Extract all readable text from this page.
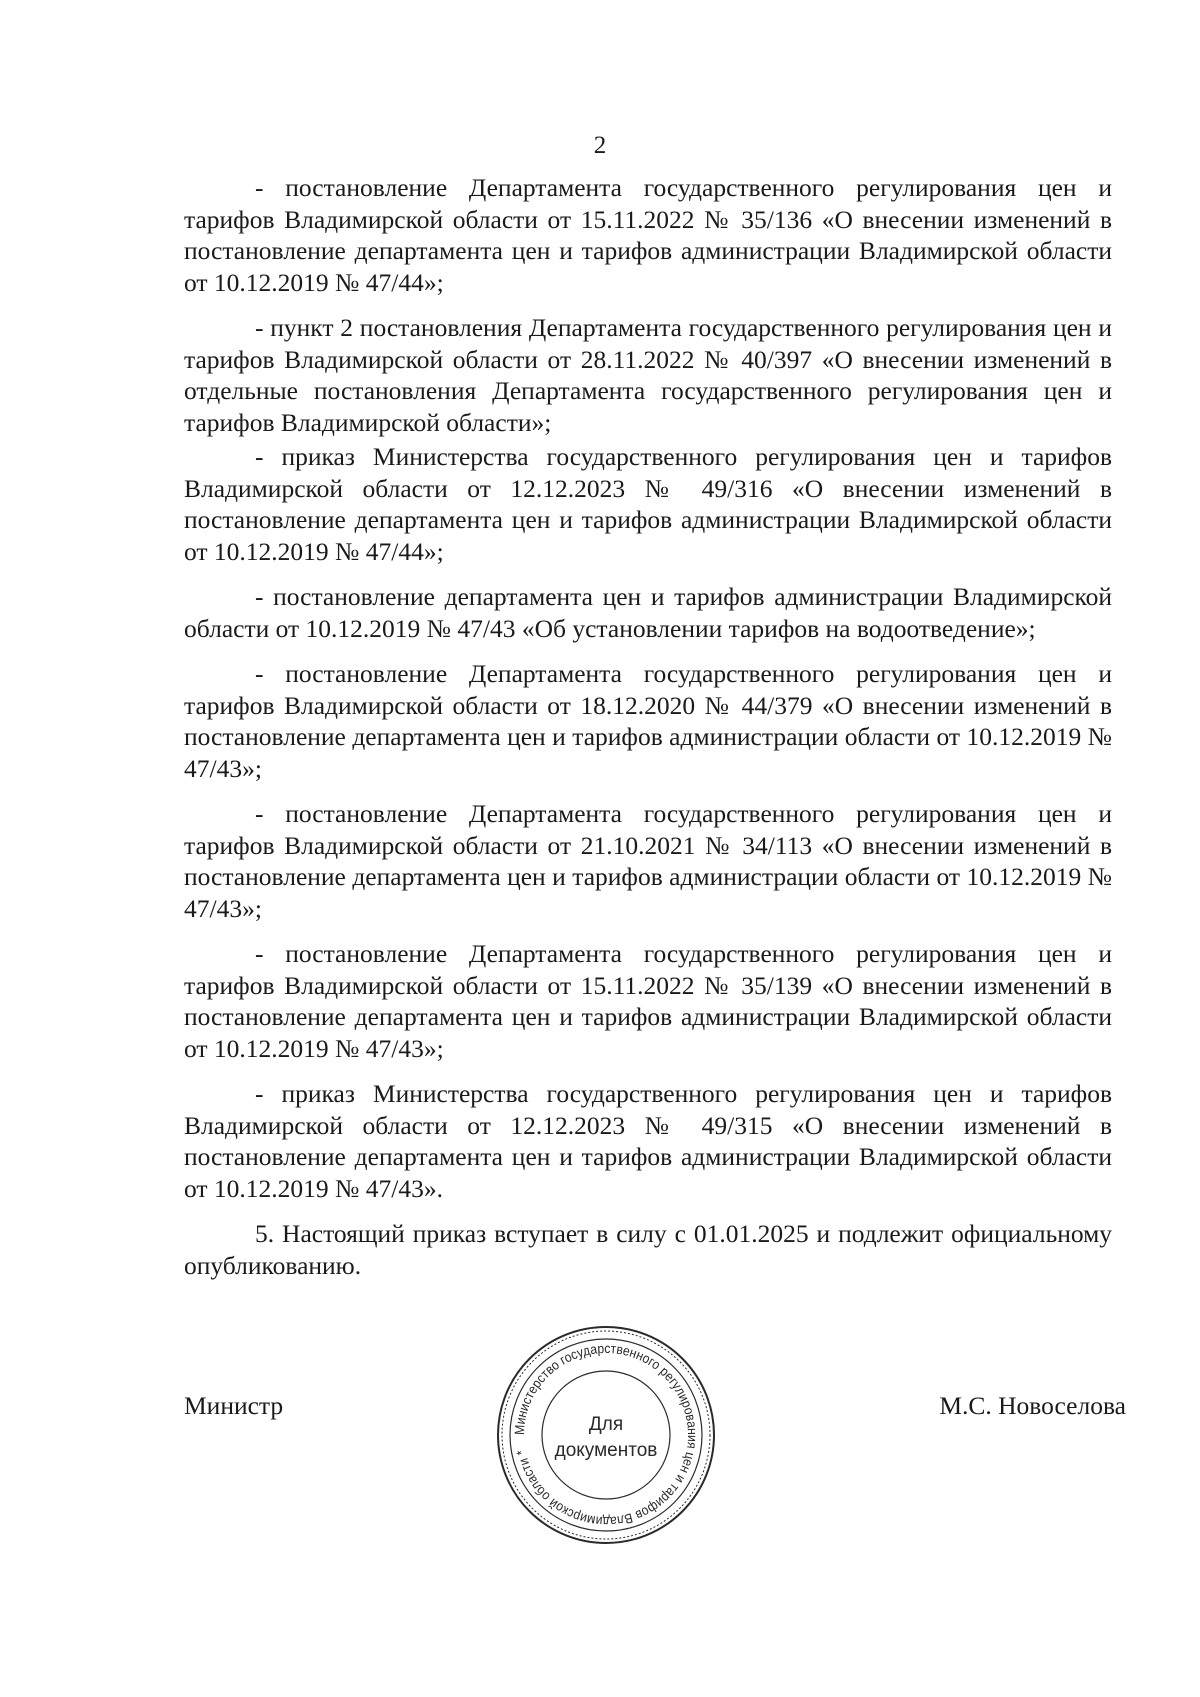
2

- постановление Департамента государственного регулирования цен и тарифов Владимирской области от 15.11.2022 № 35/136 «О внесении изменений в постановление департамента цен и тарифов администрации Владимирской области от 10.12.2019 № 47/44»;

- пункт 2 постановления Департамента государственного регулирования цен и тарифов Владимирской области от 28.11.2022 № 40/397 «О внесении изменений в отдельные постановления Департамента государственного регулирования цен и тарифов Владимирской области»;

- приказ Министерства государственного регулирования цен и тарифов Владимирской области от 12.12.2023 № 49/316 «О внесении изменений в постановление департамента цен и тарифов администрации Владимирской области от 10.12.2019 № 47/44»;

- постановление департамента цен и тарифов администрации Владимирской области от 10.12.2019 № 47/43 «Об установлении тарифов на водоотведение»;

- постановление Департамента государственного регулирования цен и тарифов Владимирской области от 18.12.2020 № 44/379 «О внесении изменений в постановление департамента цен и тарифов администрации области от 10.12.2019 № 47/43»;

- постановление Департамента государственного регулирования цен и тарифов Владимирской области от 21.10.2021 № 34/113 «О внесении изменений в постановление департамента цен и тарифов администрации области от 10.12.2019 № 47/43»;

- постановление Департамента государственного регулирования цен и тарифов Владимирской области от 15.11.2022 № 35/139 «О внесении изменений в постановление департамента цен и тарифов администрации Владимирской области от 10.12.2019 № 47/43»;

- приказ Министерства государственного регулирования цен и тарифов Владимирской области от 12.12.2023 № 49/315 «О внесении изменений в постановление департамента цен и тарифов администрации Владимирской области от 10.12.2019 № 47/43».

5. Настоящий приказ вступает в силу с 01.01.2025 и подлежит официальному опубликованию.

Министр
Министерство государственного регулирования цен и тарифов Владимирской области *
Для
документов
М.С. Новоселова
